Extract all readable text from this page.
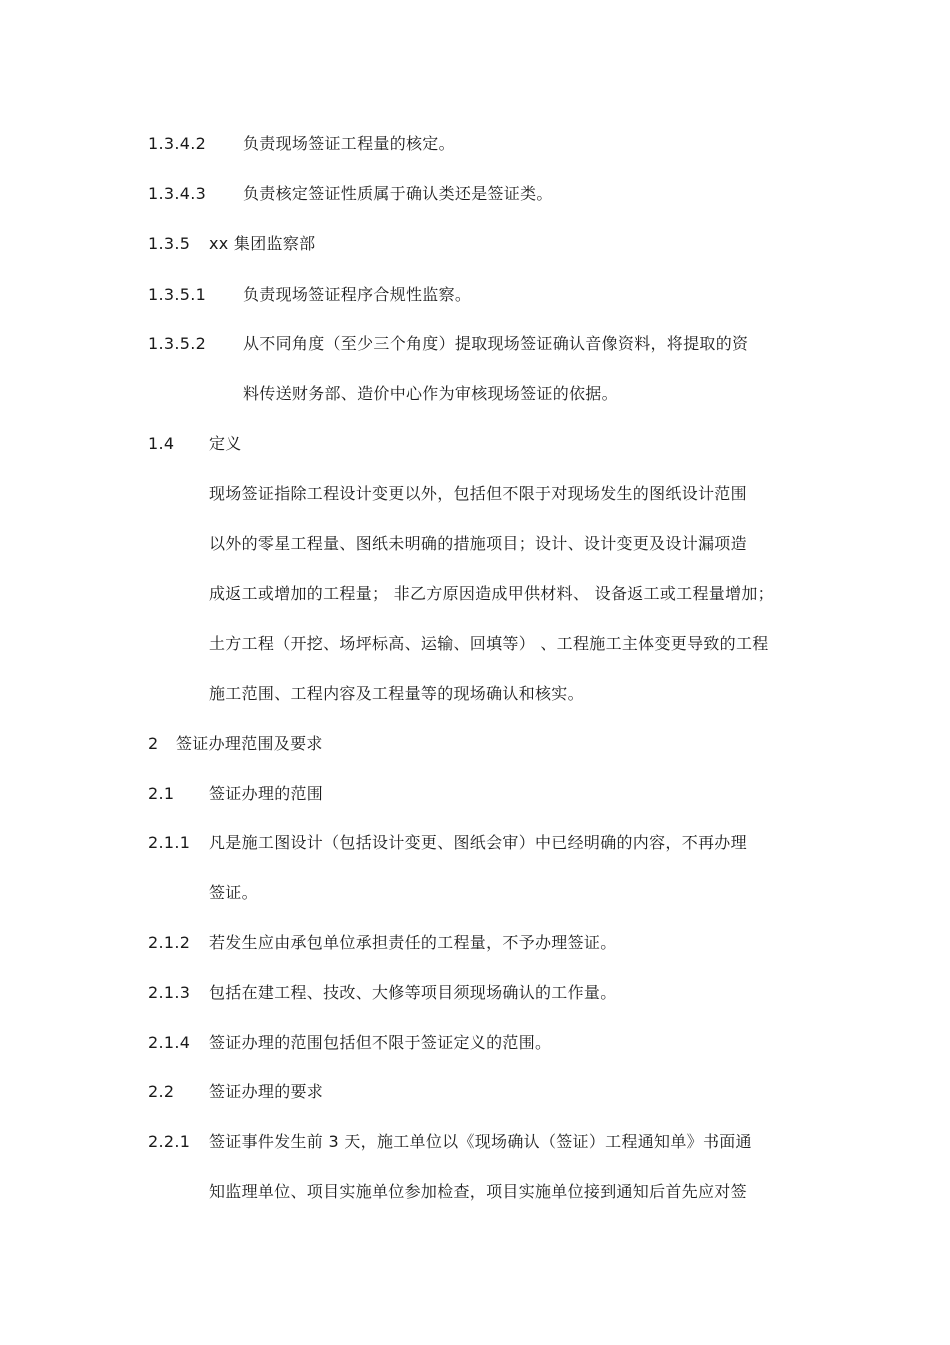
1.3.4.2 负责现场签证工程量的核定。
1.3.4.3 负责核定签证性质属于确认类还是签证类。
1.3.5 xx 集团监察部
1.3.5.1 负责现场签证程序合规性监察。
1.3.5.2 从不同角度（至少三个角度）提取现场签证确认音像资料，将提取的资
料传送财务部、造价中心作为审核现场签证的依据。
1.4 定义
现场签证指除工程设计变更以外，包括但不限于对现场发生的图纸设计范围
以外的零星工程量、图纸未明确的措施项目；设计、设计变更及设计漏项造
成返工或增加的工程量； 非乙方原因造成甲供材料、 设备返工或工程量增加；
土方工程（开挖、场坪标高、运输、回填等） 、工程施工主体变更导致的工程
施工范围、工程内容及工程量等的现场确认和核实。
2 签证办理范围及要求
2.1 签证办理的范围
2.1.1 凡是施工图设计（包括设计变更、图纸会审）中已经明确的内容，不再办理
签证。
2.1.2 若发生应由承包单位承担责任的工程量，不予办理签证。
2.1.3 包括在建工程、技改、大修等项目须现场确认的工作量。
2.1.4 签证办理的范围包括但不限于签证定义的范围。
2.2 签证办理的要求
2.2.1 签证事件发生前 3 天，施工单位以《现场确认（签证）工程通知单》书面通
知监理单位、项目实施单位参加检查，项目实施单位接到通知后首先应对签
